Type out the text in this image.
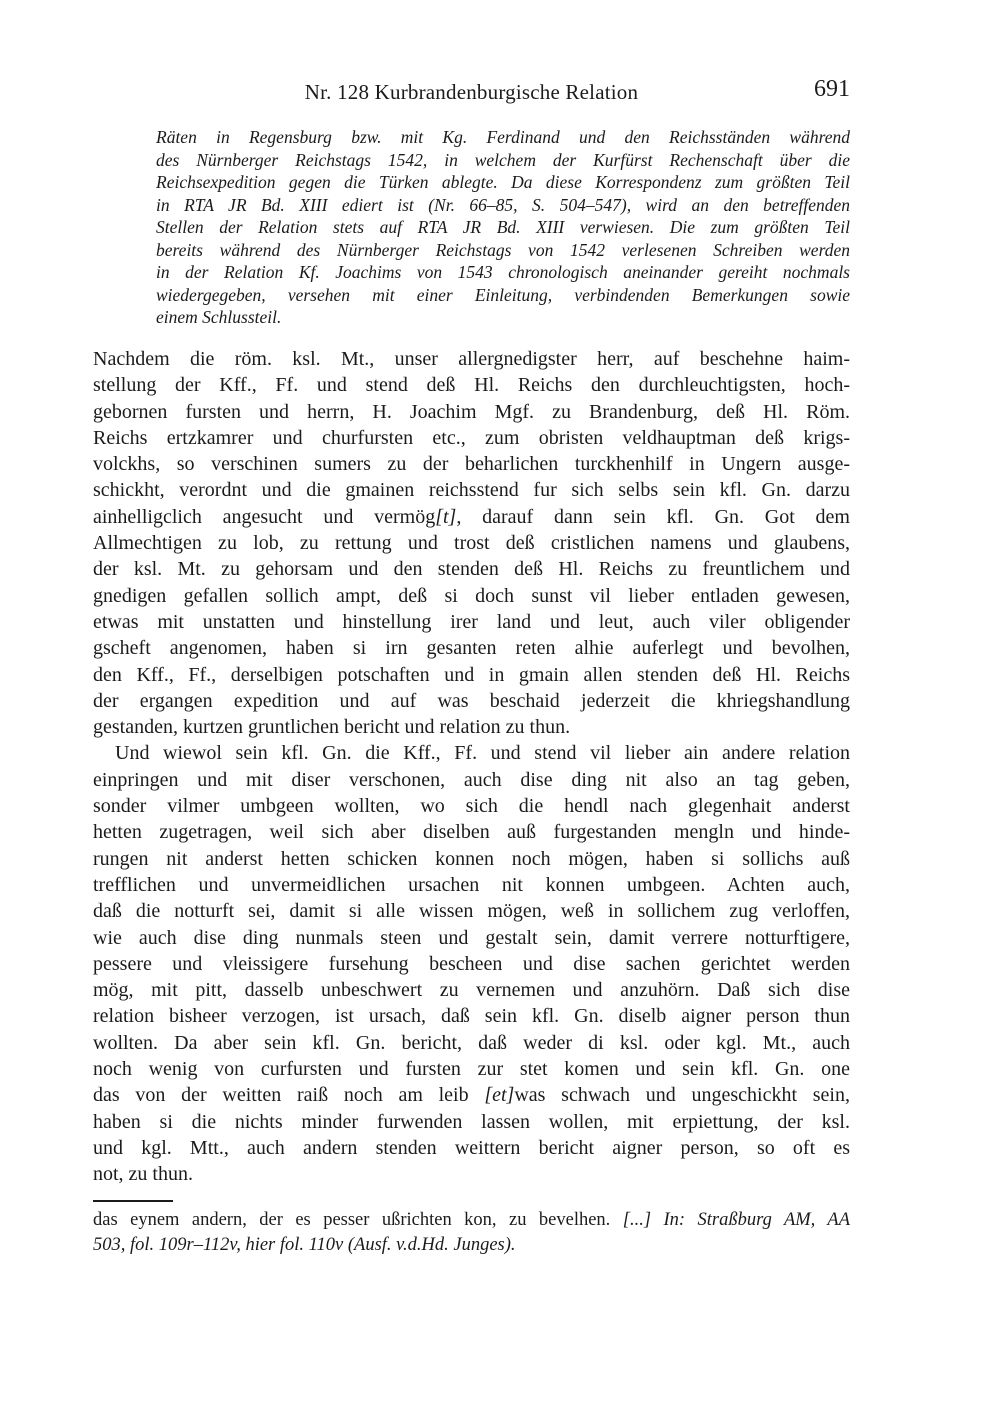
Nr. 128 Kurbrandenburgische Relation	691
Räten in Regensburg bzw. mit Kg. Ferdinand und den Reichsständen während
des Nürnberger Reichstags 1542, in welchem der Kurfürst Rechenschaft über die
Reichsexpedition gegen die Türken ablegte. Da diese Korrespondenz zum größten Teil
in RTA JR Bd. XIII ediert ist (Nr. 66–85, S. 504–547), wird an den betreffenden
Stellen der Relation stets auf RTA JR Bd. XIII verwiesen. Die zum größten Teil
bereits während des Nürnberger Reichstags von 1542 verlesenen Schreiben werden
in der Relation Kf. Joachims von 1543 chronologisch aneinander gereiht nochmals
wiedergegeben, versehen mit einer Einleitung, verbindenden Bemerkungen sowie
einem Schlussteil.
Nachdem die röm. ksl. Mt., unser allergnedigster herr, auf beschehne haim-
stellung der Kff., Ff. und stend deß Hl. Reichs den durchleuchtigsten, hoch-
gebornen fursten und herrn, H. Joachim Mgf. zu Brandenburg, deß Hl. Röm.
Reichs ertzkamrer und churfursten etc., zum obristen veldhauptman deß krigs-
volckhs, so verschinen sumers zu der beharlichen turckhenhilf in Ungern ausge-
schickht, verordnt und die gmainen reichsstend fur sich selbs sein kfl. Gn. darzu
ainhelligclich angesucht und vermög[t], darauf dann sein kfl. Gn. Got dem
Allmechtigen zu lob, zu rettung und trost deß cristlichen namens und glaubens,
der ksl. Mt. zu gehorsam und den stenden deß Hl. Reichs zu freuntlichem und
gnedigen gefallen sollich ampt, deß si doch sunst vil lieber entladen gewesen,
etwas mit unstatten und hinstellung irer land und leut, auch viler obligender
gscheft angenomen, haben si irn gesanten reten alhie auferlegt und bevolhen,
den Kff., Ff., derselbigen potschaften und in gmain allen stenden deß Hl. Reichs
der ergangen expedition und auf was beschaid jederzeit die khriegshandlung
gestanden, kurtzen gruntlichen bericht und relation zu thun.
Und wiewol sein kfl. Gn. die Kff., Ff. und stend vil lieber ain andere relation
einpringen und mit diser verschonen, auch dise ding nit also an tag geben,
sonder vilmer umbgeen wollten, wo sich die hendl nach glegenhait anderst
hetten zugetragen, weil sich aber diselben auß furgestanden mengln und hinde-
rungen nit anderst hetten schicken konnen noch mögen, haben si sollichs auß
trefflichen und unvermeidlichen ursachen nit konnen umbgeen. Achten auch,
daß die notturft sei, damit si alle wissen mögen, weß in sollichem zug verloffen,
wie auch dise ding nunmals steen und gestalt sein, damit verrere notturftigere,
pessere und vleissigere fursehung bescheen und dise sachen gerichtet werden
mög, mit pitt, dasselb unbeschwert zu vernemen und anzuhörn. Daß sich dise
relation bisheer verzogen, ist ursach, daß sein kfl. Gn. diselb aigner person thun
wollten. Da aber sein kfl. Gn. bericht, daß weder di ksl. oder kgl. Mt., auch
noch wenig von curfursten und fursten zur stet komen und sein kfl. Gn. one
das von der weitten raiß noch am leib [et]was schwach und ungeschickht sein,
haben si die nichts minder furwenden lassen wollen, mit erpiettung, der ksl.
und kgl. Mtt., auch andern stenden weittern bericht aigner person, so oft es
not, zu thun.
das eynem andern, der es pesser ußrichten kon, zu bevelhen. [...] In: Straßburg AM, AA
503, fol. 109r–112v, hier fol. 110v (Ausf. v.d.Hd. Junges).
